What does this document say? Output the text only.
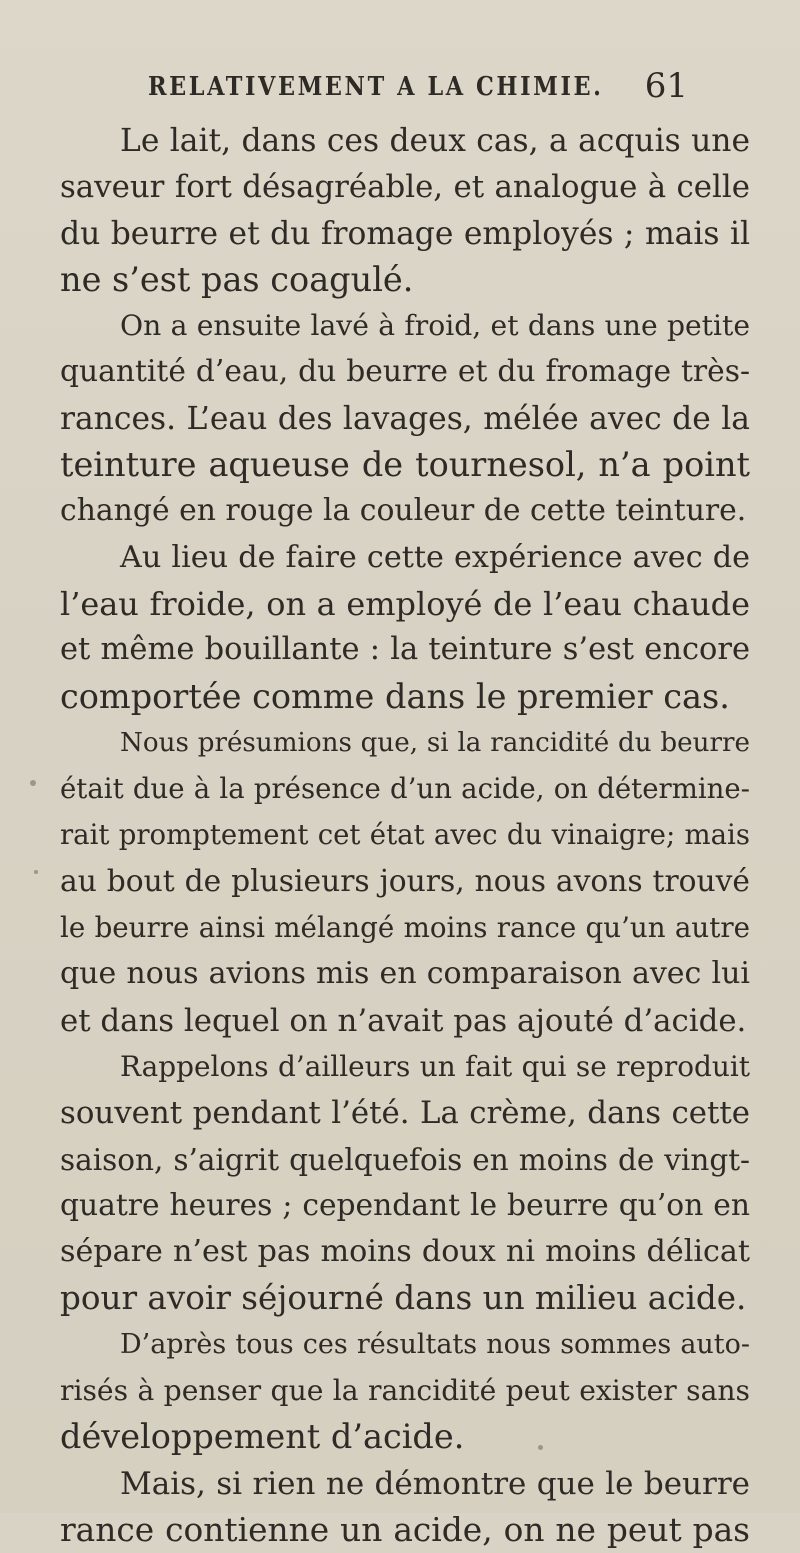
RELATIVEMENT A LA CHIMIE. 61
Le lait, dans ces deux cas, a acquis une
saveur fort désagréable, et analogue à celle
du beurre et du fromage employés ; mais il
ne s’est pas coagulé.
On a ensuite lavé à froid, et dans une petite
quantité d’eau, du beurre et du fromage très-
rances. L’eau des lavages, mélée avec de la
teinture aqueuse de tournesol, n’a point
changé en rouge la couleur de cette teinture.
Au lieu de faire cette expérience avec de
l’eau froide, on a employé de l’eau chaude
et même bouillante : la teinture s’est encore
comportée comme dans le premier cas.
Nous présumions que, si la rancidité du beurre
était due à la présence d’un acide, on détermine-
rait promptement cet état avec du vinaigre; mais
au bout de plusieurs jours, nous avons trouvé
le beurre ainsi mélangé moins rance qu’un autre
que nous avions mis en comparaison avec lui
et dans lequel on n’avait pas ajouté d’acide.
Rappelons d’ailleurs un fait qui se reproduit
souvent pendant l’été. La crème, dans cette
saison, s’aigrit quelquefois en moins de vingt-
quatre heures ; cependant le beurre qu’on en
sépare n’est pas moins doux ni moins délicat
pour avoir séjourné dans un milieu acide.
D’après tous ces résultats nous sommes auto-
risés à penser que la rancidité peut exister sans
développement d’acide.
Mais, si rien ne démontre que le beurre
rance contienne un acide, on ne peut pas
